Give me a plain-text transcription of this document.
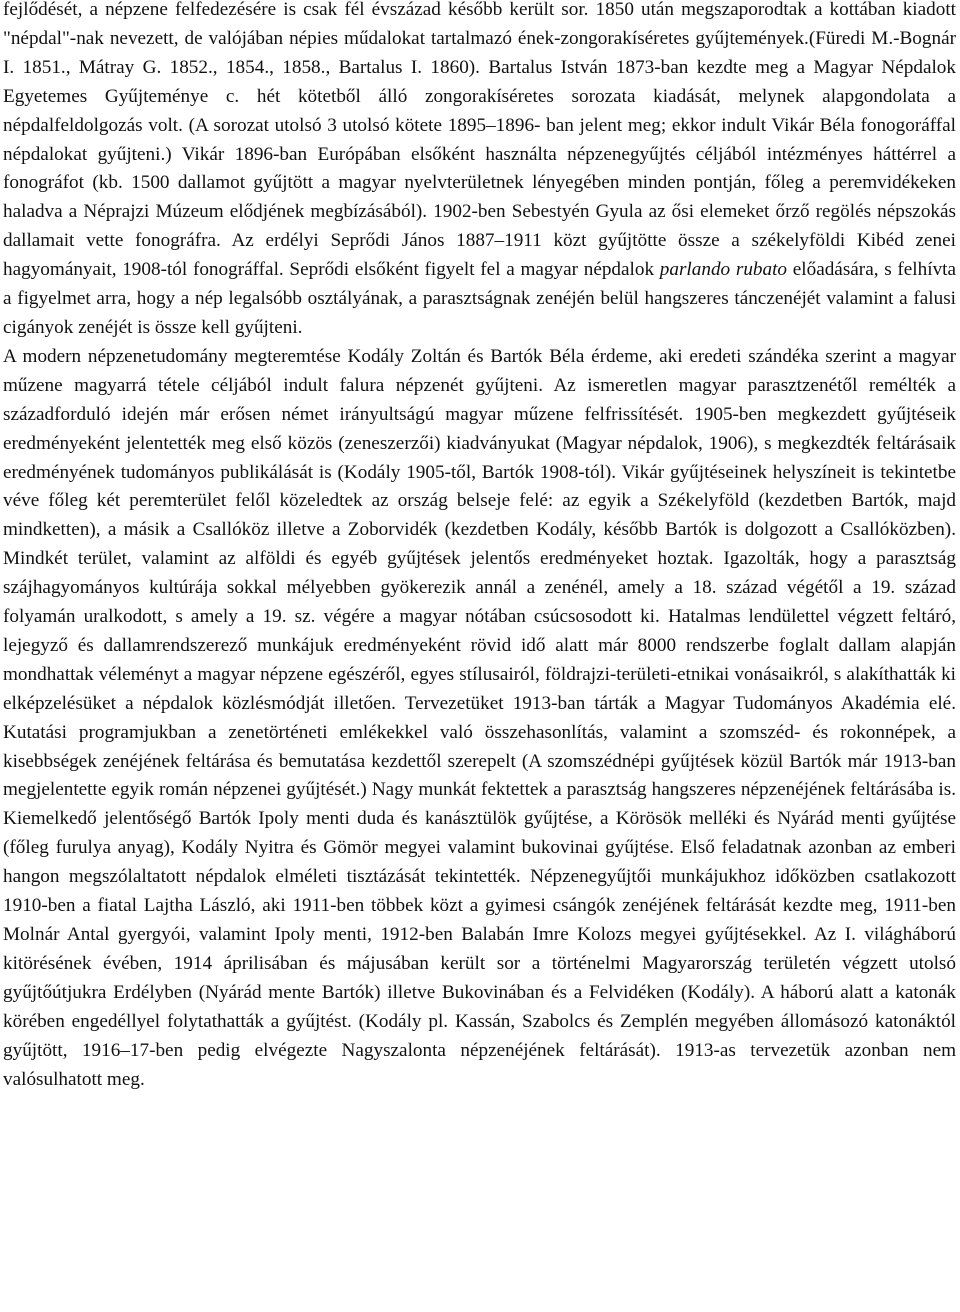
fejlődését, a népzene felfedezésére is csak fél évszázad később került sor. 1850 után megszaporodtak a kottában kiadott "népdal"-nak nevezett, de valójában népies műdalokat tartalmazó ének-zongorakíséretes gyűjtemények.(Füredi M.-Bognár I. 1851., Mátray G. 1852., 1854., 1858., Bartalus I. 1860). Bartalus István 1873-ban kezdte meg a Magyar Népdalok Egyetemes Gyűjteménye c. hét kötetből álló zongorakíséretes sorozata kiadását, melynek alapgondolata a népdalfeldolgozás volt. (A sorozat utolsó 3 utolsó kötete 1895–1896- ban jelent meg; ekkor indult Vikár Béla fonogoráffal népdalokat gyűjteni.) Vikár 1896-ban Európában elsőként használta népzenegyűjtés céljából intézményes háttérrel a fonográfot (kb. 1500 dallamot gyűjtött a magyar nyelvterületnek lényegében minden pontján, főleg a peremvidékeken haladva a Néprajzi Múzeum elődjének megbízásából). 1902-ben Sebestyén Gyula az ősi elemeket őrző regölés népszokás dallamait vette fonográfra. Az erdélyi Seprődi János 1887–1911 közt gyűjtötte össze a székelyföldi Kibéd zenei hagyományait, 1908-tól fonográffal. Seprődi elsőként figyelt fel a magyar népdalok parlando rubato előadására, s felhívta a figyelmet arra, hogy a nép legalsóbb osztályának, a parasztságnak zenéjén belül hangszeres tánczenéjét valamint a falusi cigányok zenéjét is össze kell gyűjteni.

A modern népzenetudomány megteremtése Kodály Zoltán és Bartók Béla érdeme, aki eredeti szándéka szerint a magyar műzene magyarrá tétele céljából indult falura népzenét gyűjteni. Az ismeretlen magyar parasztzenétől remélték a századforduló idején már erősen német irányultságú magyar műzene felfrissítését. 1905-ben megkezdett gyűjtéseik eredményeként jelentették meg első közös (zeneszerzői) kiadványukat (Magyar népdalok, 1906), s megkezdték feltárásaik eredményének tudományos publikálását is (Kodály 1905-től, Bartók 1908-tól). Vikár gyűjtéseinek helyszíneit is tekintetbe véve főleg két peremterület felől közeledtek az ország belseje felé: az egyik a Székelyföld (kezdetben Bartók, majd mindketten), a másik a Csallóköz illetve a Zoborvidék (kezdetben Kodály, később Bartók is dolgozott a Csallóközben). Mindkét terület, valamint az alföldi és egyéb gyűjtések jelentős eredményeket hoztak. Igazolták, hogy a parasztság szájhagyományos kultúrája sokkal mélyebben gyökerezik annál a zenénél, amely a 18. század végétől a 19. század folyamán uralkodott, s amely a 19. sz. végére a magyar nótában csúcsosodott ki. Hatalmas lendülettel végzett feltáró, lejegyző és dallamrendszerező munkájuk eredményeként rövid idő alatt már 8000 rendszerbe foglalt dallam alapján mondhattak véleményt a magyar népzene egészéről, egyes stílusairól, földrajzi-területi-etnikai vonásaikról, s alakíthatták ki elképzelésüket a népdalok közlésmódját illetően. Tervezetüket 1913-ban tárták a Magyar Tudományos Akadémia elé. Kutatási programjukban a zenetörténeti emlékekkel való összehasonlítás, valamint a szomszéd- és rokonnépek, a kisebbségek zenéjének feltárása és bemutatása kezdettől szerepelt (A szomszédnépi gyűjtések közül Bartók már 1913-ban megjelentette egyik román népzenei gyűjtését.) Nagy munkát fektettek a parasztság hangszeres népzenéjének feltárásába is. Kiemelkedő jelentőségő Bartók Ipoly menti duda és kanásztülök gyűjtése, a Körösök melléki és Nyárád menti gyűjtése (főleg furulya anyag), Kodály Nyitra és Gömör megyei valamint bukovinai gyűjtése. Első feladatnak azonban az emberi hangon megszólaltatott népdalok elméleti tisztázását tekintették. Népzenegyűjtői munkájukhoz időközben csatlakozott 1910-ben a fiatal Lajtha László, aki 1911-ben többek közt a gyimesi csángók zenéjének feltárását kezdte meg, 1911-ben Molnár Antal gyergyói, valamint Ipoly menti, 1912-ben Balabán Imre Kolozs megyei gyűjtésekkel. Az I. világháború kitörésének évében, 1914 áprilisában és májusában került sor a történelmi Magyarország területén végzett utolsó gyűjtőútjukra Erdélyben (Nyárád mente Bartók) illetve Bukovinában és a Felvidéken (Kodály). A háború alatt a katonák körében engedéllyel folytathatták a gyűjtést. (Kodály pl. Kassán, Szabolcs és Zemplén megyében állomásozó katonáktól gyűjtött, 1916–17-ben pedig elvégezte Nagyszalonta népzenéjének feltárását). 1913-as tervezetük azonban nem valósulhatott meg.
